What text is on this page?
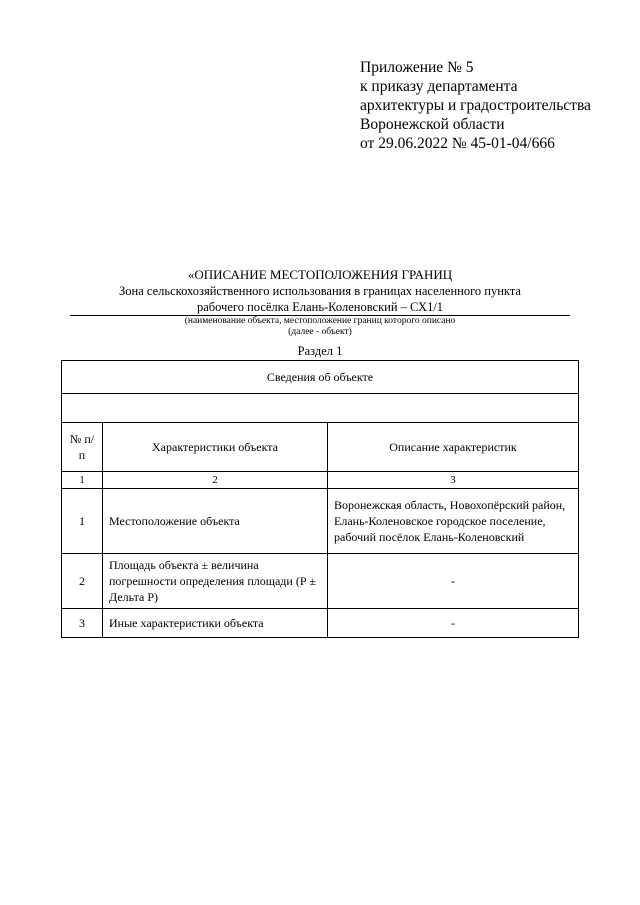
Приложение № 5
к приказу департамента
архитектуры и градостроительства
Воронежской области
от 29.06.2022 № 45-01-04/666
«ОПИСАНИЕ МЕСТОПОЛОЖЕНИЯ ГРАНИЦ
Зона сельскохозяйственного использования в границах населенного пункта
рабочего посёлка Елань-Коленовский – СХ1/1
(наименование объекта, местоположение границ которого описано
(далее - объект)
Раздел 1
Сведения об объекте		

№ п/п	Характеристики объекта	Описание характеристик
1	2	3
1	Местоположение объекта	Воронежская область, Новохопёрский район, Елань-Коленовское городское поселение, рабочий посёлок Елань-Коленовский
2	Площадь объекта ± величина погрешности определения площади (Р ± Дельта Р)	-
3	Иные характеристики объекта	-
